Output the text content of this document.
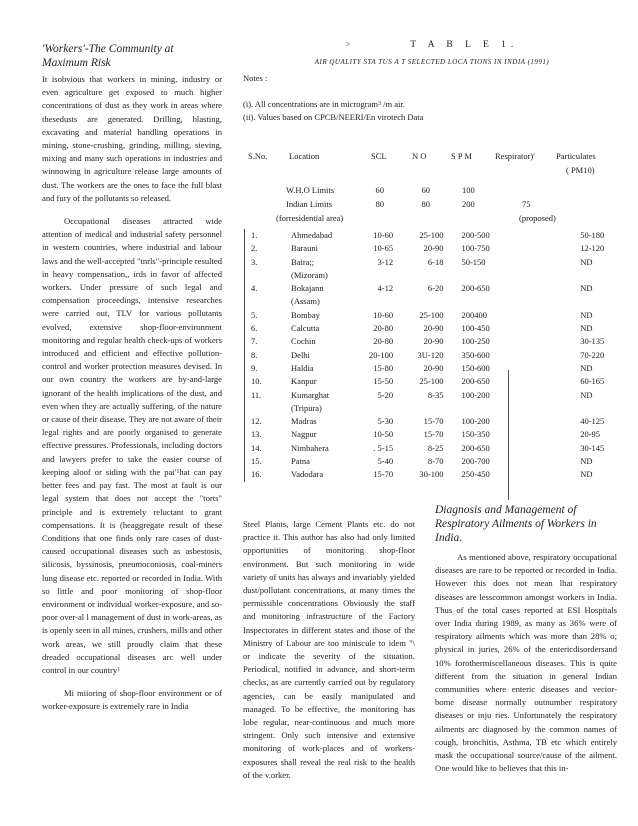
'Workers'-The Community at Maximum Risk

It isobvious that workers in mining, industry or even agriculture get exposed to much higher concentrations of dust as they work in areas where thesedusts are generated. Drilling, blasting, excavating and material handling operations in mining, stone-crushing, grinding, milling, sieving, mixing and many such operations in industries and winnowing in agriculture release large amounts of dust. The workers are the ones to face the full blast and fury of the pollutants so released.

Occupational diseases attracted wide attention of medical and industrial safety personnel in western countries, where industrial and labour laws and the well-accepted "tnrls"-principle resulted in heavy compensation,, irds in favor of affected workers. Under pressure of such legal and compensation proceedings, intensive researches were carried out, TLV for various pollutants evolved, extensive shop-floor-environment monitoring and regular health check-ups of workers introduced and efficient and effective pollution-control and worker protection measures devised. In our own country the workers are by-and-large ignorant of the health implications of the dust, and even when they are actually suffering, of the nature or cause of their disease. They are not aware of their legal rights and are poorly organised to generate effective pressures. Professionals, including doctors and lawyers prefer to take the easier course of keeping aloof or siding with the $pai'^1hat$ can pay better fees and pay fast. The most at fault is our legal system that does not accept the "torts" principle and is extremely reluctant to grant compensations. It is (heaggregate result of these Conditions that one finds only rare cases of dust-caused occupational diseases such as asbestosis, silicosis, byssinosis, pneumoconiosis, coal-miners lung disease etc. reported or recorded in India. With so little and poor monitoring of shop-floor environment or individual worker-exposure, and so-poor over-al l management of dust in work-areas, as is openly seen in all mines, crushers, mills and other work areas, we still proudly claim that these dreaded occupational diseases arc well under control in our country$^1$

Mi miioring of shop-floor environment or of worker-exposure is extremely rare in India

>	T A B L E 1.
AIR QUALITY STA TUS A T SELECTED LOCA TIONS IN INDIA (1991)
Notes :
(i). All concentrations are in microgram$^3$ /m air.
(ii). Values based on CPCB/NEERI/En virotech Data
S.No.	Location	SCL	N O	S P M	Respirator)' Particulates
( PM10)
W.H.O Limits	60	60	100
Indian Limits	80	80	200	75
(forresidential area)	(proposed)
1.	Ahmedabad	10-60	25-100	200-500		50-180
2.	Barauni	10-65	20-90	100-750		12-120
3.	Baira;;	3-12	6-18	50-150		ND
	(Mizoram)					
4.	Bokajann	4-12	6-20	200-650		ND
	(Assam)					
5.	Bombay	10-60	25-100	200400		ND
6.	Calcutta	20-80	20-90	100-450		ND
7.	Cochin	20-80	20-90	100-250		30-135
8.	Delhi	20-100	3U-120	350-600		70-220
9.	Haldia	15-80	20-90	150-600		ND
10.	Kanpur	15-50	25-100	200-650		60-165
11.	Kumarghat	5-20	8-35	100-200		ND
	(Tripura)					
12.	Madras	5-30	15-70	100-200		40-125
13.	Nagpur	10-50	15-70	150-350		20-95
14.	Nimbahera	. 5-15	8-25	200-650		30-145
15.	Patna	5-40	8-70	200-700		ND
16.	Vadodara	15-70	30-100	250-450		ND

Steel Plants, large Cement Plants etc. do not practice it. This author has also had only limited opportunities of monitoring shop-floor environment. But such monitoring in wide variety of units has always and invariably yielded dust/pollutant concentrations, at many times the permissible concentrations Obviously the staff and monitoring infrastructure of the Factory Inspectorates in different states and those of the Ministry of Labour are too miniscule to idem "\ or indicate the severity of the situation. Periodical, notified in advance, and short-term checks, as are currently carried out by regulatory agencies, can be easily manipulated and managed. To be effective, the monitoring has lobe regular, near-continuous and much more stringent. Only such intensive and extensive monitoring of work-places and of workers-exposures shall reveal the real risk to the health of the v.orker.

Diagnosis and Management of Respiratory Ailments of Workers in India.

As mentioned above, respiratory occupational diseases are rare to be reported or recorded in India. However this does not mean lhat respiratory diseases are lesscommon amongst workers in India. Thus of the total cases reported at ESI Hospitals over India during 1989, as many as 36% were of respiratory ailments which was more than 28% o; physical in juries, 26% of the entericdisordersand 10% forothermiscellaneous diseases. This is quite different from the situation in general Indian communities where enteric diseases and vecior-bome disease normally outnumber respiratory diseases or inju ries. Unfortunately the respiratory ailments arc diagnosed by the common names of cough, bronchitis, Asthma, TB etc which entirely mask the occupational source/cause of the ailment. One would like to believes that this in-
